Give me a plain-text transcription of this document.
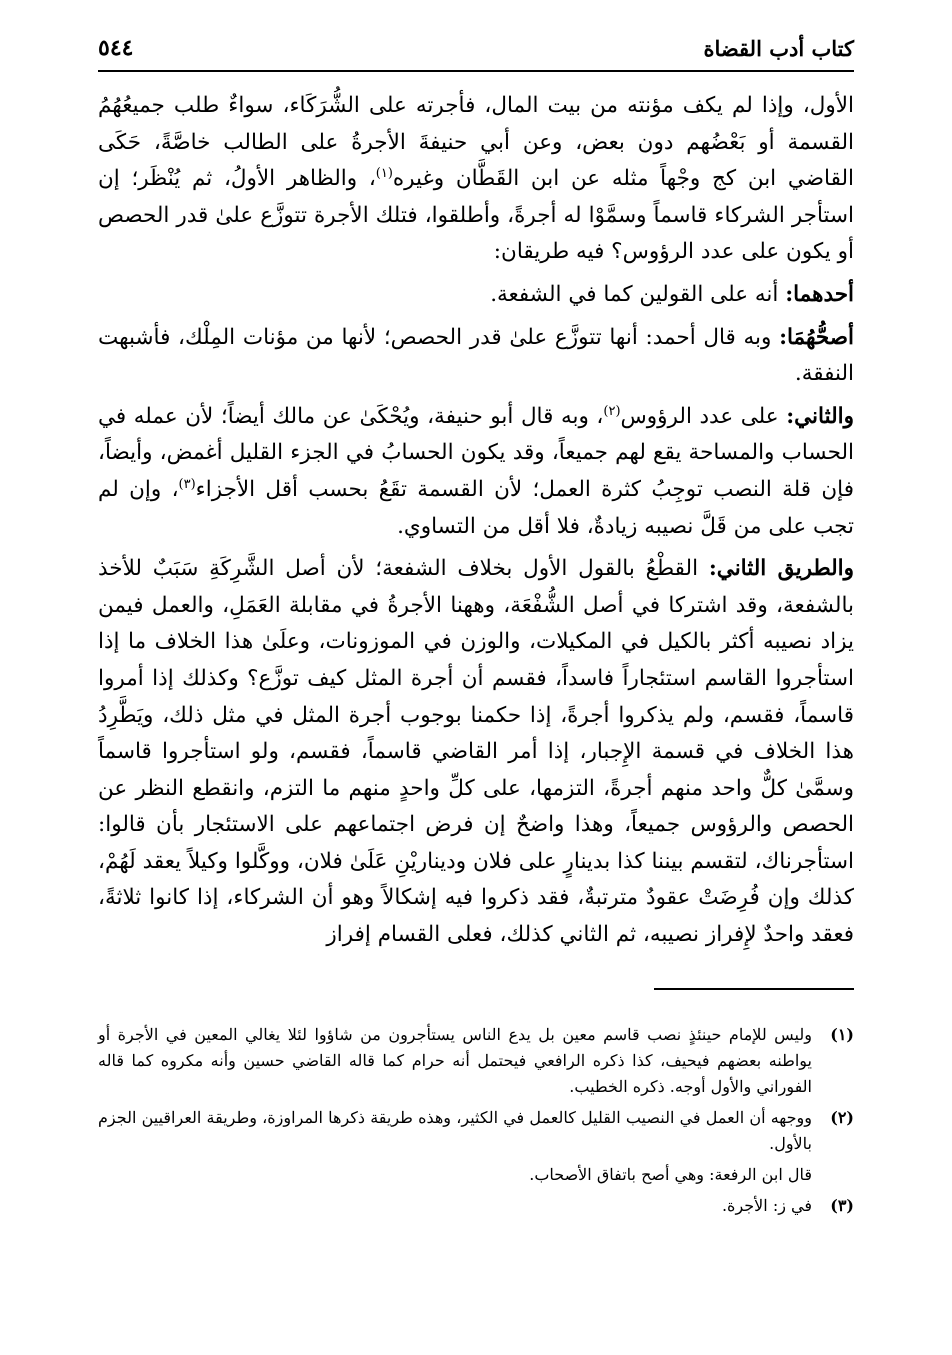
كتاب أدب القضاة
٥٤٤

الأول، وإذا لم يكف مؤنته من بيت المال، فأجرته على الشُّرَكَاء، سواءٌ طلب جميعُهُمُ القسمة أو بَعْضُهم دون بعض، وعن أبي حنيفةَ الأجرةُ على الطالب خاصَّةً، حَكَى القاضي ابن كج وجْهاً مثله عن ابن القَطَّان وغيره$^{(١)}$، والظاهر الأولُ، ثم يُنْظَر؛ إن استأجر الشركاء قاسماً وسمَّوْا له أجرةً، وأطلقوا، فتلك الأجرة تتوزَّع علىٰ قدر الحصص أو يكون على عدد الرؤوس؟ فيه طريقان:

أحدهما: أنه على القولين كما في الشفعة.

أصحُّهُمَا: وبه قال أحمد: أنها تتوزَّع علىٰ قدر الحصص؛ لأنها من مؤنات المِلْك، فأشبهت النفقة.

والثاني: على عدد الرؤوس$^{(٢)}$، وبه قال أبو حنيفة، ويُحْكَىٰ عن مالك أيضاً؛ لأن عمله في الحساب والمساحة يقع لهم جميعاً، وقد يكون الحسابُ في الجزء القليل أغمض، وأيضاً، فإن قلة النصب توجِبُ كثرة العمل؛ لأن القسمة تقَعُ بحسب أقل الأجزاء$^{(٣)}$، وإن لم تجب على من قَلَّ نصيبه زيادةٌ، فلا أقل من التساوي.

والطريق الثاني: القطْعُ بالقول الأول بخلاف الشفعة؛ لأن أصل الشَّرِكَةِ سَبَبٌ للأخذ بالشفعة، وقد اشتركا في أصل الشُّفْعَة، وههنا الأجرةُ في مقابلة العَمَلِ، والعمل فيمن يزاد نصيبه أكثر بالكيل في المكيلات، والوزن في الموزونات، وعلَىٰ هذا الخلاف ما إذا استأجروا القاسم استئجاراً فاسداً، فقسم أن أجرة المثل كيف توزَّع؟ وكذلك إذا أمروا قاسماً، فقسم، ولم يذكروا أجرةً، إذا حكمنا بوجوب أجرة المثل في مثل ذلك، ويَطَّرِدُ هذا الخلاف في قسمة الإِجبار، إذا أمر القاضي قاسماً، فقسم، ولو استأجروا قاسماً وسمَّىٰ كلٌّ واحد منهم أجرةً، التزمها، على كلِّ واحدٍ منهم ما التزم، وانقطع النظر عن الحصص والرؤوس جميعاً، وهذا واضحٌ إن فرض اجتماعهم على الاستئجار بأن قالوا: استأجرناك، لتقسم بيننا كذا بدينارٍ على فلان وديناريْنِ عَلَىٰ فلان، ووكَّلوا وكيلاً يعقد لَهُمْ، كذلك وإن فُرِضَتْ عقودٌ مترتبةٌ، فقد ذكروا فيه إشكالاً وهو أن الشركاء، إذا كانوا ثلاثةً، فعقد واحدٌ لإِفراز نصيبه، ثم الثاني كذلك، فعلى القسام إفراز

(١)
وليس للإمام حينئذٍ نصب قاسم معين بل يدع الناس يستأجرون من شاؤوا لئلا يغالي المعين في الأجرة أو يواطنه بعضهم فيحيف، كذا ذكره الرافعي فيحتمل أنه حرام كما قاله القاضي حسين وأنه مكروه كما قاله الفوراني والأول أوجه. ذكره الخطيب.
(٢)
ووجهه أن العمل في النصيب القليل كالعمل في الكثير، وهذه طريقة ذكرها المراوزة، وطريقة العراقيين الجزم بالأول.
قال ابن الرفعة: وهي أصح باتفاق الأصحاب.
(٣)
في ز: الأجرة.
